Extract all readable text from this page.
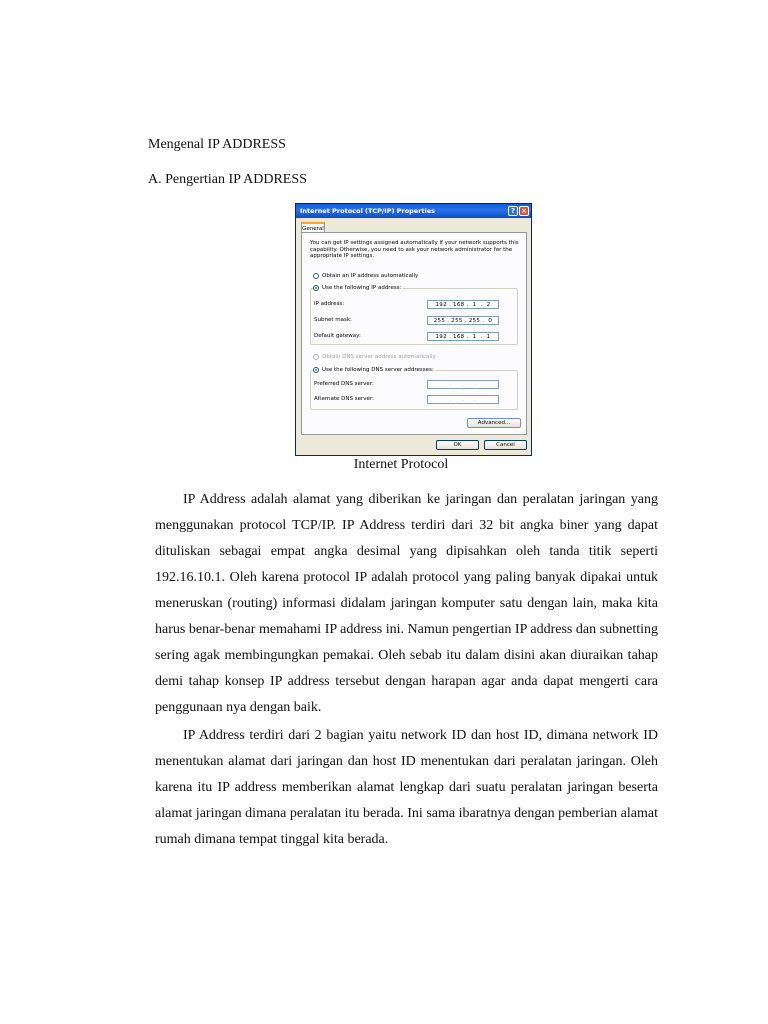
Mengenal IP ADDRESS
A. Pengertian IP ADDRESS
Internet Protocol (TCP/IP) Properties	? ×
General
You can get IP settings assigned automatically if your network supports this capability. Otherwise, you need to ask your network administrator for the appropriate IP settings.
Obtain an IP address automatically
Use the following IP address:
IP address:	192 . 168 .  1  .  2
Subnet mask:	255 . 255 . 255 .  0
Default gateway:	192 . 168 .  1  .  1
Obtain DNS server address automatically
Use the following DNS server addresses:
Preferred DNS server:	.     .     .
Alternate DNS server:	.     .     .
Advanced...
OK	Cancel
Internet Protocol

IP Address adalah alamat yang diberikan ke jaringan dan peralatan jaringan yang menggunakan protocol TCP/IP. IP Address terdiri dari 32 bit angka biner yang dapat dituliskan sebagai empat angka desimal yang dipisahkan oleh tanda titik seperti 192.16.10.1. Oleh karena protocol IP adalah protocol yang paling banyak dipakai untuk meneruskan (routing) informasi didalam jaringan komputer satu dengan lain, maka kita harus benar-benar memahami IP address ini. Namun pengertian IP address dan subnetting sering agak membingungkan pemakai. Oleh sebab itu dalam disini akan diuraikan tahap demi tahap konsep IP address tersebut dengan harapan agar anda dapat mengerti cara penggunaan nya dengan baik.

IP Address terdiri dari 2 bagian yaitu network ID dan host ID, dimana network ID menentukan alamat dari jaringan dan host ID menentukan dari peralatan jaringan. Oleh karena itu IP address memberikan alamat lengkap dari suatu peralatan jaringan beserta alamat jaringan dimana peralatan itu berada. Ini sama ibaratnya dengan pemberian alamat rumah dimana tempat tinggal kita berada.
